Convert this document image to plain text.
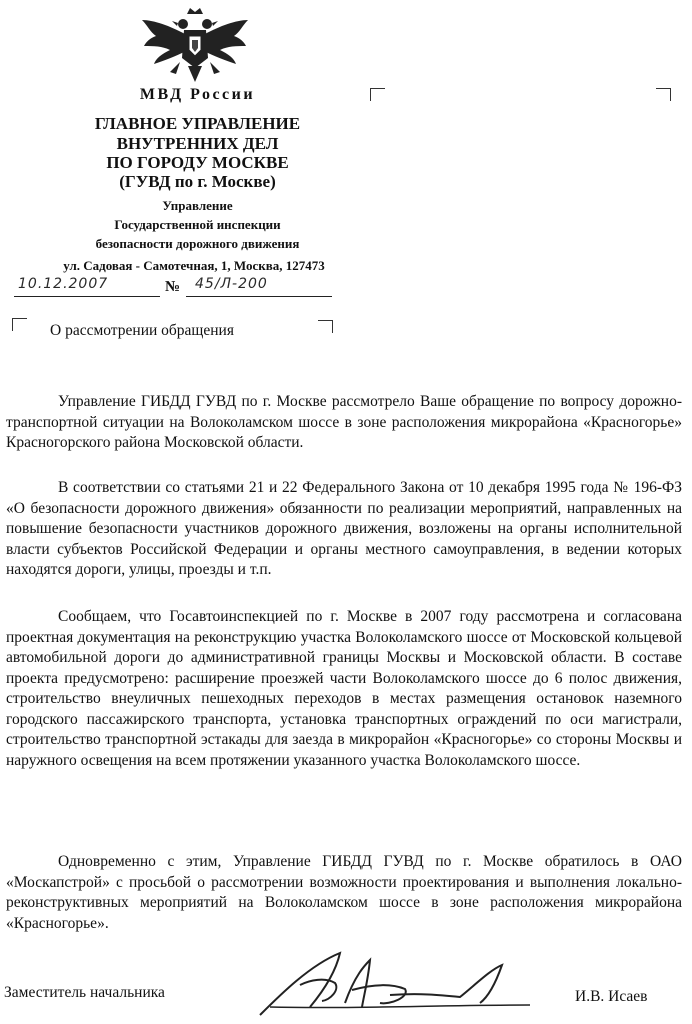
МВД России
ГЛАВНОЕ УПРАВЛЕНИЕ
ВНУТРЕННИХ ДЕЛ
ПО ГОРОДУ МОСКВЕ
(ГУВД по г. Москве)
Управление
Государственной инспекции
безопасности дорожного движения
ул. Садовая - Самотечная, 1, Москва, 127473
10.12.2007	№ 45/Л-200
О рассмотрении обращения
Управление ГИБДД ГУВД по г. Москве рассмотрело Ваше обращение по вопросу дорожно-транспортной ситуации на Волоколамском шоссе в зоне расположения микрорайона «Красногорье» Красногорского района Московской области.
В соответствии со статьями 21 и 22 Федерального Закона от 10 декабря 1995 года № 196-ФЗ «О безопасности дорожного движения» обязанности по реализации мероприятий, направленных на повышение безопасности участников дорожного движения, возложены на органы исполнительной власти субъектов Российской Федерации и органы местного самоуправления, в ведении которых находятся дороги, улицы, проезды и т.п.
Сообщаем, что Госавтоинспекцией по г. Москве в 2007 году рассмотрена и согласована проектная документация на реконструкцию участка Волоколамского шоссе от Московской кольцевой автомобильной дороги до административной границы Москвы и Московской области. В составе проекта предусмотрено: расширение проезжей части Волоколамского шоссе до 6 полос движения, строительство внеуличных пешеходных переходов в местах размещения остановок наземного городского пассажирского транспорта, установка транспортных ограждений по оси магистрали, строительство транспортной эстакады для заезда в микрорайон «Красногорье» со стороны Москвы и наружного освещения на всем протяжении указанного участка Волоколамского шоссе.
Одновременно с этим, Управление ГИБДД ГУВД по г. Москве обратилось в ОАО «Москапстрой» с просьбой о рассмотрении возможности проектирования и выполнения локально-реконструктивных мероприятий на Волоколамском шоссе в зоне расположения микрорайона «Красногорье».
Заместитель начальника	И.В. Исаев
